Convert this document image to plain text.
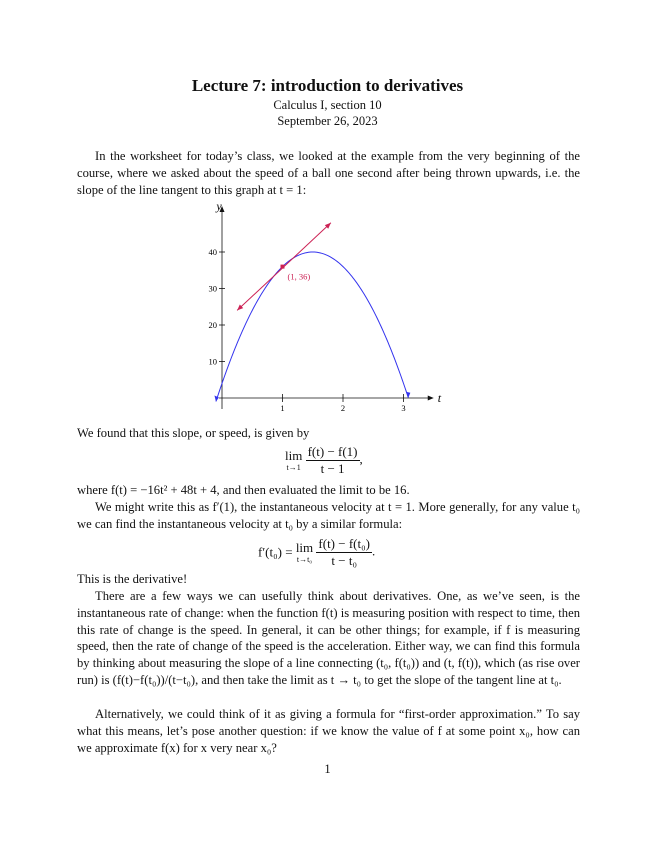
Lecture 7: introduction to derivatives
Calculus I, section 10
September 26, 2023
In the worksheet for today’s class, we looked at the example from the very beginning of the course, where we asked about the speed of a ball one second after being thrown upwards, i.e. the slope of the line tangent to this graph at t = 1:
t
y
1	2	3
10
20
30
40
(1, 36)
We found that this slope, or speed, is given by
lim
t→1
$\frac{f(t) - f(1)}{t - 1}$ ,
where f(t) = −16t² + 48t + 4, and then evaluated the limit to be 16.
We might write this as f′(1), the instantaneous velocity at t = 1. More generally, for any value t₀ we can find the instantaneous velocity at t₀ by a similar formula:
f′(t₀) = lim
t→t₀
$\frac{\text{f(t) − f(t₀)}}{\text{t − t₀}}$ .
This is the derivative!
There are a few ways we can usefully think about derivatives. One, as we’ve seen, is the instantaneous rate of change: when the function f(t) is measuring position with respect to time, then this rate of change is the speed. In general, it can be other things; for example, if f is measuring speed, then the rate of change of the speed is the acceleration. Either way, we can find this formula by thinking about measuring the slope of a line connecting (t₀, f(t₀)) and (t, f(t)), which (as rise over run) is (f(t)−f(t₀))/(t−t₀), and then take the limit as t → t₀ to get the slope of the tangent line at t₀.
Alternatively, we could think of it as giving a formula for “first-order approximation.” To say what this means, let’s pose another question: if we know the value of f at some point x₀, how can we approximate f(x) for x very near x₀?
1
